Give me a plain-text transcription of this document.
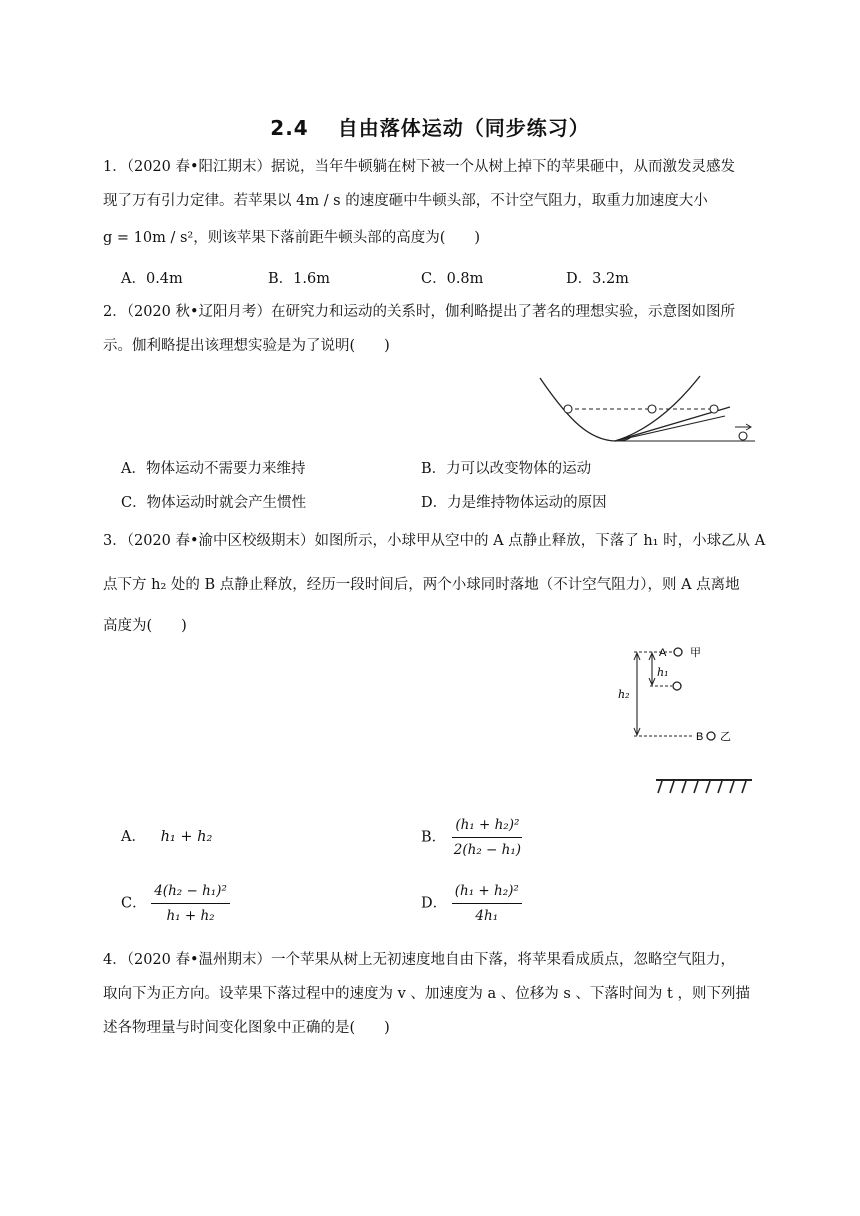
2.4　 自由落体运动（同步练习）
1．（2020 春•阳江期末）据说，当年牛顿躺在树下被一个从树上掉下的苹果砸中，从而激发灵感发
现了万有引力定律。若苹果以 4m / s 的速度砸中牛顿头部，不计空气阻力，取重力加速度大小
g = 10m / s²，则该苹果下落前距牛顿头部的高度为(　　)
A．0.4m	B．1.6m	C．0.8m	D．3.2m
2．（2020 秋•辽阳月考）在研究力和运动的关系时，伽利略提出了著名的理想实验，示意图如图所
示。伽利略提出该理想实验是为了说明(　　)
A．物体运动不需要力来维持	B．力可以改变物体的运动
C．物体运动时就会产生惯性	D．力是维持物体运动的原因
3．（2020 春•渝中区校级期末）如图所示，小球甲从空中的 A 点静止释放，下落了 h₁ 时，小球乙从 A
点下方 h₂ 处的 B 点静止释放，经历一段时间后，两个小球同时落地（不计空气阻力），则 A 点离地
高度为(　　)
A 甲
h₁
h₂
B 乙
A． h₁ + h₂	B． $\frac{\text{(h₁ + h₂)²}}{\text{2(h₂ − h₁)}}$
C． $\frac{\text{4(h₂ − h₁)²}}{\text{h₁ + h₂}}$	D． $\frac{\text{(h₁ + h₂)²}}{\text{4h₁}}$
4．（2020 春•温州期末）一个苹果从树上无初速度地自由下落，将苹果看成质点，忽略空气阻力，
取向下为正方向。设苹果下落过程中的速度为 v 、加速度为 a 、位移为 s 、下落时间为 t ，则下列描
述各物理量与时间变化图象中正确的是(　　)
